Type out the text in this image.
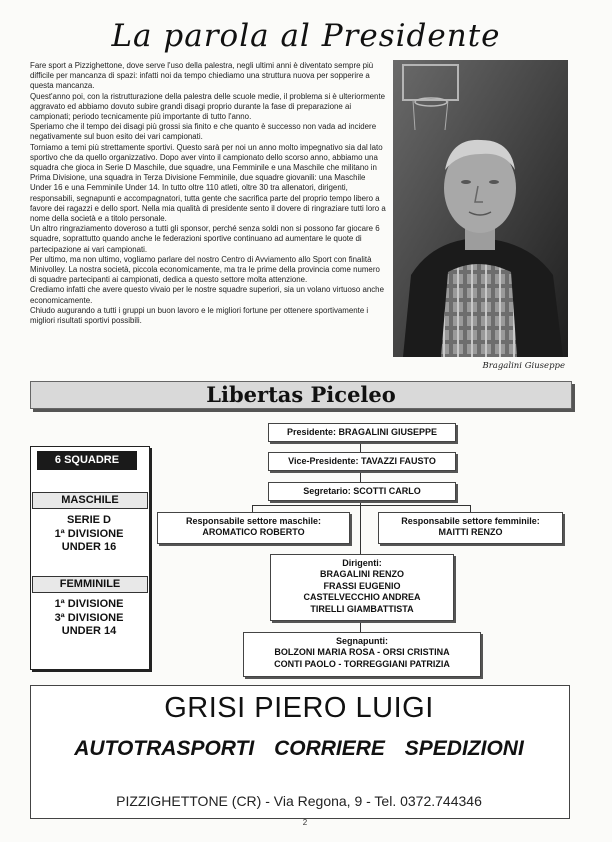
La parola al Presidente

Fare sport a Pizzighettone, dove serve l'uso della palestra, negli ultimi anni è diventato sempre più difficile per mancanza di spazi: infatti noi da tempo chiediamo una struttura nuova per sopperire a questa mancanza.

Quest'anno poi, con la ristrutturazione della palestra delle scuole medie, il problema si è ulteriormente aggravato ed abbiamo dovuto subire grandi disagi proprio durante la fase di preparazione ai campionati; periodo tecnicamente più importante di tutto l'anno.

Speriamo che il tempo dei disagi più grossi sia finito e che quanto è successo non vada ad incidere negativamente sul buon esito dei vari campionati.

Torniamo a temi più strettamente sportivi. Questo sarà per noi un anno molto impegnativo sia dal lato sportivo che da quello organizzativo. Dopo aver vinto il campionato dello scorso anno, abbiamo una squadra che gioca in Serie D Maschile, due squadre, una Femminile e una Maschile che militano in Prima Divisione, una squadra in Terza Divisione Femminile, due squadre giovanili: una Maschile Under 16 e una Femminile Under 14. In tutto oltre 110 atleti, oltre 30 tra allenatori, dirigenti, responsabili, segnapunti e accompagnatori, tutta gente che sacrifica parte del proprio tempo libero a favore dei ragazzi e dello sport. Nella mia qualità di presidente sento il dovere di ringraziare tutti loro a nome della società e a titolo personale.

Un altro ringraziamento doveroso a tutti gli sponsor, perché senza soldi non si possono far giocare 6 squadre, soprattutto quando anche le federazioni sportive continuano ad aumentare le quote di partecipazione ai vari campionati.

Per ultimo, ma non ultimo, vogliamo parlare del nostro Centro di Avviamento allo Sport con finalità Minivolley. La nostra società, piccola economicamente, ma tra le prime della provincia come numero di squadre partecipanti ai campionati, dedica a questo settore molta attenzione.

Crediamo infatti che avere questo vivaio per le nostre squadre superiori, sia un volano virtuoso anche economicamente.

Chiudo augurando a tutti i gruppi un buon lavoro e le migliori fortune per ottenere sportivamente i migliori risultati sportivi possibili.

Bragalini Giuseppe
Libertas Piceleo
6 SQUADRE
MASCHILE
SERIE D
1ª DIVISIONE
UNDER 16
FEMMINILE
1ª DIVISIONE
3ª DIVISIONE
UNDER 14
Presidente: BRAGALINI GIUSEPPE
Vice-Presidente: TAVAZZI FAUSTO
Segretario: SCOTTI CARLO
Responsabile settore maschile:
AROMATICO ROBERTO
Responsabile settore femminile:
MAITTI RENZO
Dirigenti:
BRAGALINI RENZO
FRASSI EUGENIO
CASTELVECCHIO ANDREA
TIRELLI GIAMBATTISTA
Segnapunti:
BOLZONI MARIA ROSA - ORSI CRISTINA
CONTI PAOLO - TORREGGIANI PATRIZIA
GRISI PIERO LUIGI
AUTOTRASPORTI CORRIERE SPEDIZIONI
PIZZIGHETTONE (CR) - Via Regona, 9 - Tel. 0372.744346
2
